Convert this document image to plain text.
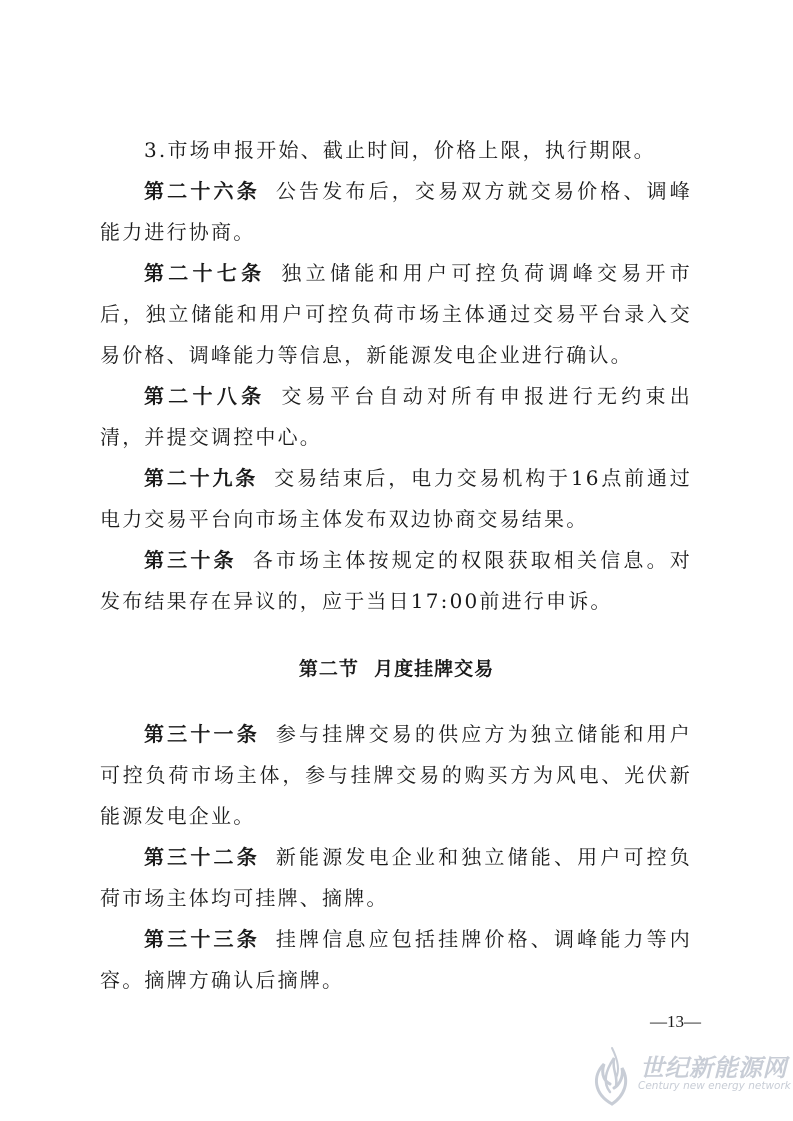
3.市场申报开始、截止时间，价格上限，执行期限。

第二十六条 公告发布后，交易双方就交易价格、调峰能力进行协商。

第二十七条 独立储能和用户可控负荷调峰交易开市后，独立储能和用户可控负荷市场主体通过交易平台录入交易价格、调峰能力等信息，新能源发电企业进行确认。

第二十八条 交易平台自动对所有申报进行无约束出清，并提交调控中心。

第二十九条 交易结束后，电力交易机构于16点前通过电力交易平台向市场主体发布双边协商交易结果。

第三十条 各市场主体按规定的权限获取相关信息。对发布结果存在异议的，应于当日17:00前进行申诉。

第二节  月度挂牌交易

第三十一条 参与挂牌交易的供应方为独立储能和用户可控负荷市场主体，参与挂牌交易的购买方为风电、光伏新能源发电企业。

第三十二条 新能源发电企业和独立储能、用户可控负荷市场主体均可挂牌、摘牌。

第三十三条 挂牌信息应包括挂牌价格、调峰能力等内容。摘牌方确认后摘牌。

—13—
世纪新能源网
Century new energy network
